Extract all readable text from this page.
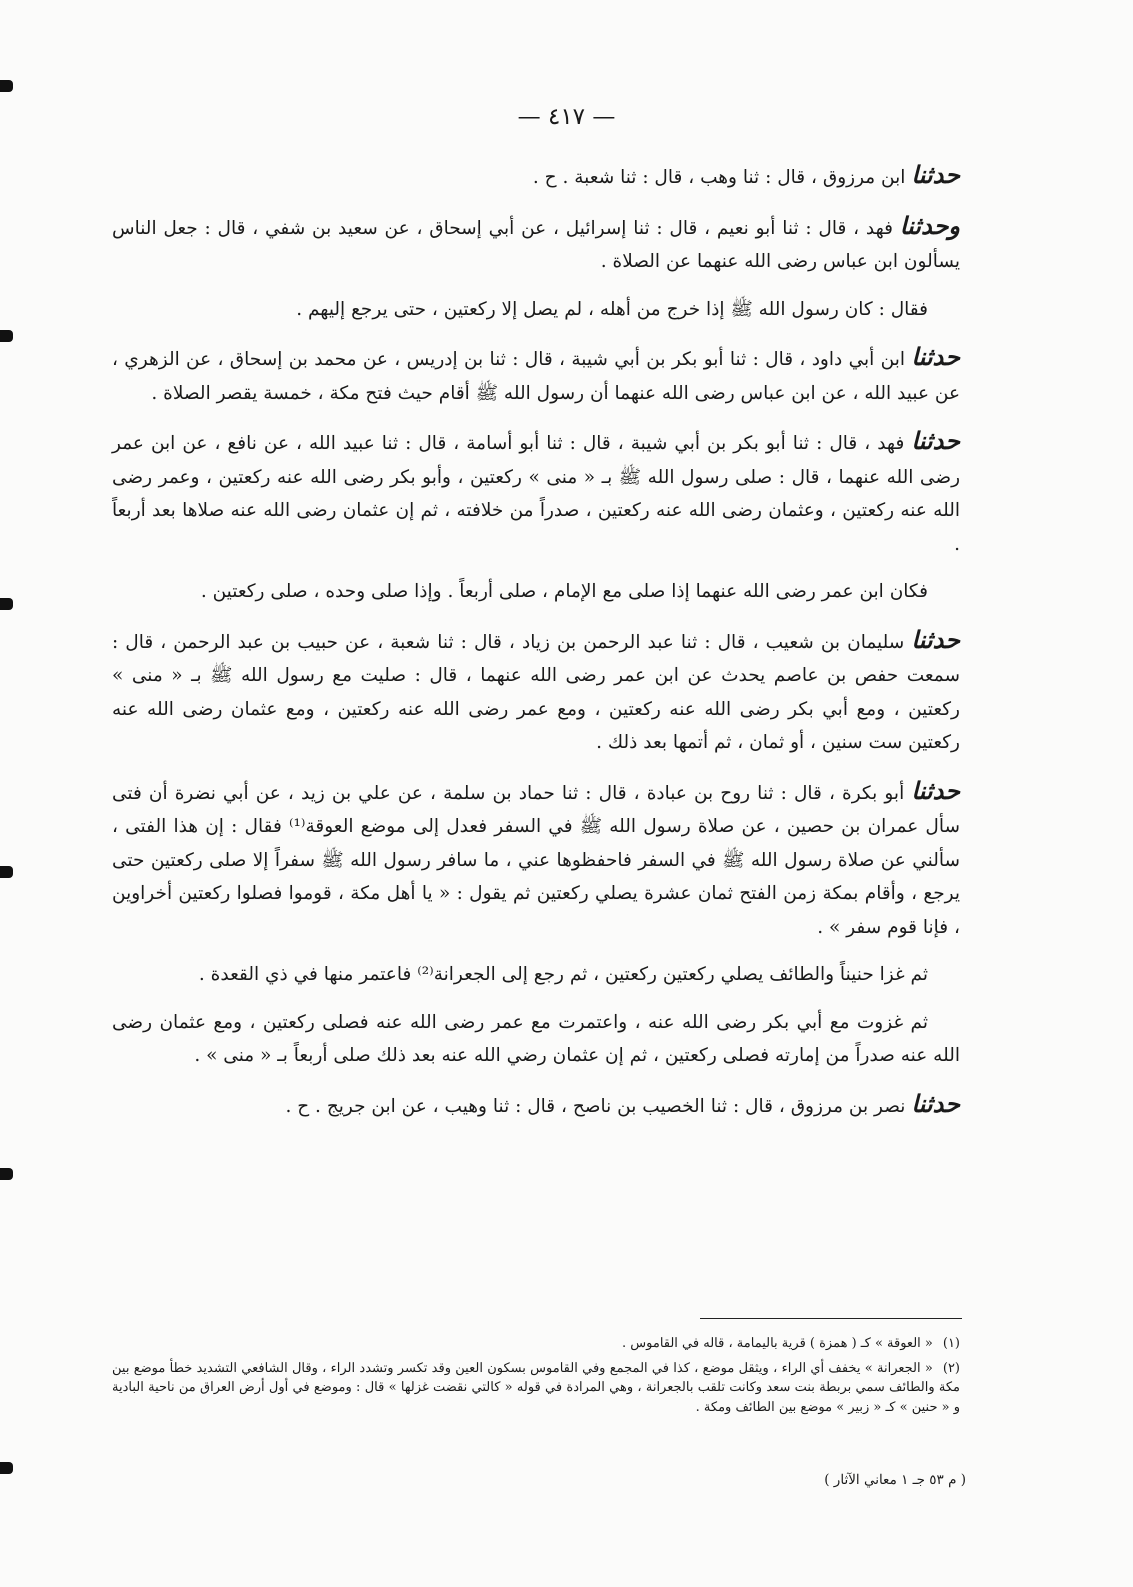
— ٤١٧ —

حدثنا ابن مرزوق ، قال : ثنا وهب ، قال : ثنا شعبة . ح .

وحدثنا فهد ، قال : ثنا أبو نعيم ، قال : ثنا إسرائيل ، عن أبي إسحاق ، عن سعيد بن شفي ، قال : جعل الناس يسألون ابن عباس رضى الله عنهما عن الصلاة .

فقال : كان رسول الله ﷺ إذا خرج من أهله ، لم يصل إلا ركعتين ، حتى يرجع إليهم .

حدثنا ابن أبي داود ، قال : ثنا أبو بكر بن أبي شيبة ، قال : ثنا بن إدريس ، عن محمد بن إسحاق ، عن الزهري ، عن عبيد الله ، عن ابن عباس رضى الله عنهما أن رسول الله ﷺ أقام حيث فتح مكة ، خمسة يقصر الصلاة .

حدثنا فهد ، قال : ثنا أبو بكر بن أبي شيبة ، قال : ثنا أبو أسامة ، قال : ثنا عبيد الله ، عن نافع ، عن ابن عمر رضى الله عنهما ، قال : صلى رسول الله ﷺ بـ « منى » ركعتين ، وأبو بكر رضى الله عنه ركعتين ، وعمر رضى الله عنه ركعتين ، وعثمان رضى الله عنه ركعتين ، صدراً من خلافته ، ثم إن عثمان رضى الله عنه صلاها بعد أربعاً .

فكان ابن عمر رضى الله عنهما إذا صلى مع الإمام ، صلى أربعاً . وإذا صلى وحده ، صلى ركعتين .

حدثنا سليمان بن شعيب ، قال : ثنا عبد الرحمن بن زياد ، قال : ثنا شعبة ، عن حبيب بن عبد الرحمن ، قال : سمعت حفص بن عاصم يحدث عن ابن عمر رضى الله عنهما ، قال : صليت مع رسول الله ﷺ بـ « منى » ركعتين ، ومع أبي بكر رضى الله عنه ركعتين ، ومع عمر رضى الله عنه ركعتين ، ومع عثمان رضى الله عنه ركعتين ست سنين ، أو ثمان ، ثم أتمها بعد ذلك .

حدثنا أبو بكرة ، قال : ثنا روح بن عبادة ، قال : ثنا حماد بن سلمة ، عن علي بن زيد ، عن أبي نضرة أن فتى سأل عمران بن حصين ، عن صلاة رسول الله ﷺ في السفر فعدل إلى موضع العوقة⁽¹⁾ فقال : إن هذا الفتى ، سألني عن صلاة رسول الله ﷺ في السفر فاحفظوها عني ، ما سافر رسول الله ﷺ سفراً إلا صلى ركعتين حتى يرجع ، وأقام بمكة زمن الفتح ثمان عشرة يصلي ركعتين ثم يقول : « يا أهل مكة ، قوموا فصلوا ركعتين أخراوين ، فإنا قوم سفر » .

ثم غزا حنيناً والطائف يصلي ركعتين ركعتين ، ثم رجع إلى الجعرانة⁽²⁾ فاعتمر منها في ذي القعدة .

ثم غزوت مع أبي بكر رضى الله عنه ، واعتمرت مع عمر رضى الله عنه فصلى ركعتين ، ومع عثمان رضى الله عنه صدراً من إمارته فصلى ركعتين ، ثم إن عثمان رضي الله عنه بعد ذلك صلى أربعاً بـ « منى » .

حدثنا نصر بن مرزوق ، قال : ثنا الخصيب بن ناصح ، قال : ثنا وهيب ، عن ابن جريج . ح .

(١)« العوقة » كـ ( همزة ) قرية باليمامة ، قاله في القاموس .

(٢)« الجعرانة » يخفف أي الراء ، ويثقل موضع ، كذا في المجمع وفي القاموس بسكون العين وقد تكسر وتشدد الراء ، وقال الشافعي التشديد خطأ موضع بين مكة والطائف سمي بربطة بنت سعد وكانت تلقب بالجعرانة ، وهي المرادة في قوله « كالتي نقضت غزلها » قال : وموضع في أول أرض العراق من ناحية البادية و « حنين » كـ « زبير » موضع بين الطائف ومكة .

( م ٥٣ جـ ١ معاني الآثار )
